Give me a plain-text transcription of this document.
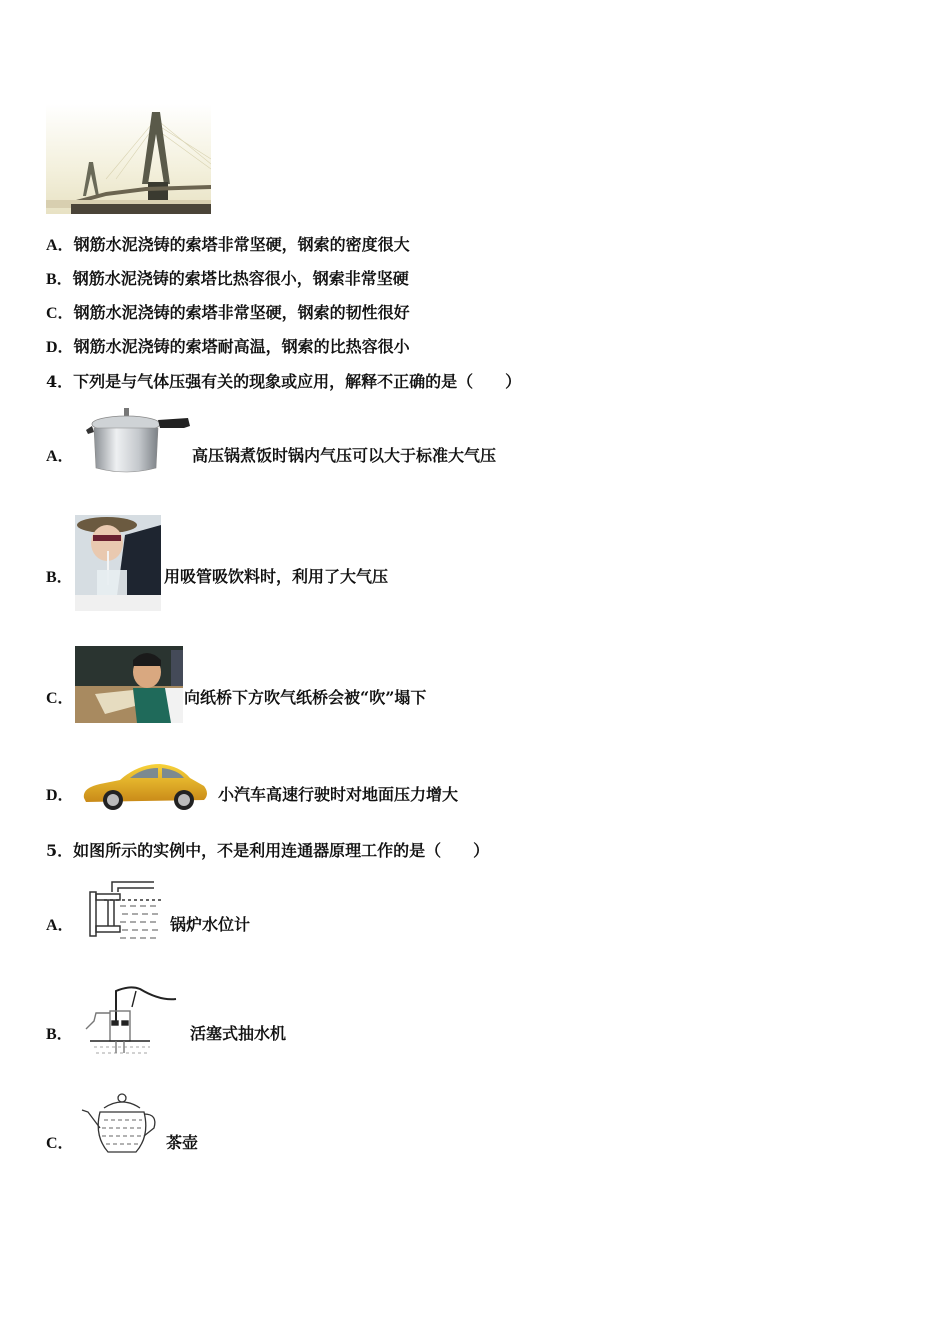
A．钢筋水泥浇铸的索塔非常坚硬，钢索的密度很大
B．钢筋水泥浇铸的索塔比热容很小，钢索非常坚硬
C．钢筋水泥浇铸的索塔非常坚硬，钢索的韧性很好
D．钢筋水泥浇铸的索塔耐高温，钢索的比热容很小
4．下列是与气体压强有关的现象或应用，解释不正确的是（　　）
A．	高压锅煮饭时锅内气压可以大于标准大气压
B．	用吸管吸饮料时，利用了大气压
C．	向纸桥下方吹气纸桥会被“吹”塌下
D．	小汽车高速行驶时对地面压力增大
5．如图所示的实例中，不是利用连通器原理工作的是（　　）
A．	锅炉水位计
B．	活塞式抽水机
C．	茶壶
